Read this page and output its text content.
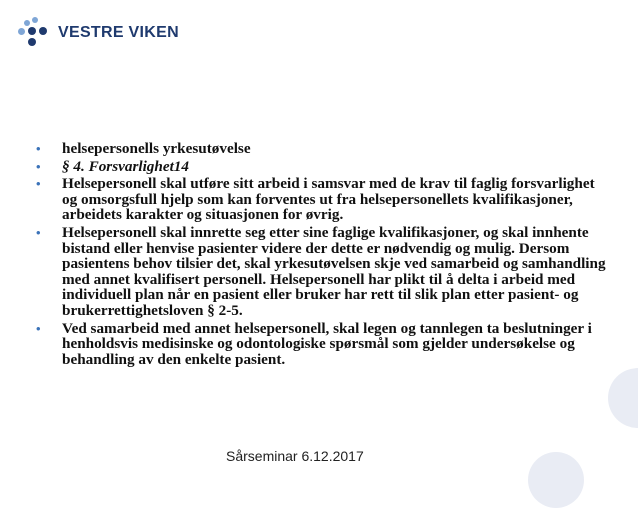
VESTRE VIKEN
• helsepersonells yrkesutøvelse
• § 4. Forsvarlighet14
• Helsepersonell skal utføre sitt arbeid i samsvar med de krav til faglig forsvarlighet og omsorgsfull hjelp som kan forventes ut fra helsepersonellets kvalifikasjoner, arbeidets karakter og situasjonen for øvrig.
• Helsepersonell skal innrette seg etter sine faglige kvalifikasjoner, og skal innhente bistand eller henvise pasienter videre der dette er nødvendig og mulig. Dersom pasientens behov tilsier det, skal yrkesutøvelsen skje ved samarbeid og samhandling med annet kvalifisert personell. Helsepersonell har plikt til å delta i arbeid med individuell plan når en pasient eller bruker har rett til slik plan etter pasient- og brukerrettighetsloven § 2-5.
• Ved samarbeid med annet helsepersonell, skal legen og tannlegen ta beslutninger i henholdsvis medisinske og odontologiske spørsmål som gjelder undersøkelse og behandling av den enkelte pasient.
Sårseminar 6.12.2017
